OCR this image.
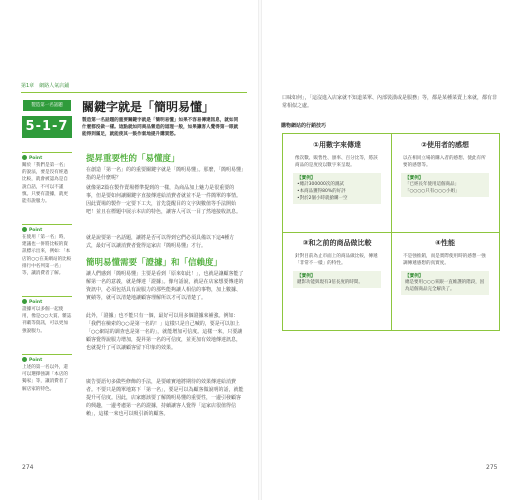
第1章　網路人氣店鋪
製造第一名話題
5-1-7
關鍵字就是「簡明易懂」
製造第一名話題的重要關鍵字就是「簡明易懂」如果不容易傳達訊息，就如同什麼都沒做一樣。這點就如同商品營造的道理一般，如果讓客人覺得第一眼就能得到滿足，就能使其一鼓作氣地提升購買慾。
提昇重要性的「易懂度」
在創造「第一名」的的重要關鍵字就是「簡明易懂」。那麼，「簡明易懂」指的是什麼呢？
就像第2篇在製作賣場標準提到的一樣，為商品加上魅力是很重要的事，但是要如何讓關鍵字直接傳達給消費者就並不是一件簡單的事情。因此賣場的製作一定要下工夫，首先從醒目的文字與數值等手法開始吧！並且在標題中展示本店的特色，讓客人可以一目了然地接收訊息。
就是說要第一名話題，讓將是否可以得到它們必須具備以下這4種方式，最好可以讓消費者覺得這家店『簡明易懂』才行。
簡明易懂需要「證據」和「信賴度」
讓人們感到「簡明易懂」主要是看到「原來如此！」，也就是讓顧客能了解第一名的意義，就是傳達「證據」。像句話說，就是在店家想要傳達的資訊中，必須包括具有說服力的那些能夠讓人相信的事物，加上數據、實績等，就可以清楚地讓顧客理解所以才可以清楚了。
此外，「證據」也不能只有一個，最好可以用多個證據來補強。例如：「我們在檢索的○○是第一名的！」這樣只是自己喊的，要是可以加上「○○網站的調查也是第一名的」，就能增加可信度。這樣一來，只要讓顧客覺得說服力增加，提昇第一名的可信度，並更加有效地傳達訊息，也就提升了可以讓顧客留下印象的效果。
廣告要語句多做些修飾的手法，是要確實地將期待的效果傳達給消費者。不要只是簡單地寫下「第一名」，要是可以為顧客做說明的話，就能提升可信度。因此，店家應該要了解簡明易懂的重要性，一邊引發顧客的興趣，一邊考慮第一名的證據，持續讓客人覺得「這家店很值得信賴」，這樣一來也可以吸引新的顧客。
Point
關於「我們是第一名」的說法，要是沒有經過比較，就會被認為是自說自話，不可以不謹慎。只要有證據，就更能有說服力。
Point
在使用「第一名」時，建議也一併將比較的資訊標示出來，例如：「本店的○○在某網站的比較排行中名列第一名」等，讓消費者了解。
Point
證據可以多個一起使用，像是○○大賞、雜誌刊載等資訊，可以更加強說服力。
Point
上述的第一名以外，還可以選擇強調「本店的獨家」等，讓消費者了解店家的特色。
274
口味如何」，「這沒進入店家就不知道菜單、內部裝潢或是服務」等，都是某種菜賣上來就，都有非常相似之處。
購物網站的行銷技巧
①用數字來傳達
像次數、販售性、頒率、百分比等，將該商品的是度度以數字來呈現。
【實例】
•總計300000次的測試
•本商品獲得80%的好評
•對於2個小時就搶購一空
②使用者的感想
以在相同立場的購入者的感想、使此有所要的感想等。
【實例】
「已經長年使用這個商品」
「○○○○只有○○○小姐」
③和之前的商品做比較
針對目前為止市面上的商品做比較，傳遞「非常不一樣」的特性。
【實例】
鍵影功能與現有3倍長度的時間。
④性能
不是強推銷，而是實際使用時的感想一強調傳遞感想的真實度。
【實例】
總是要用○○○來跟一直維護的階段，因為這個商品完全解決了。
275
